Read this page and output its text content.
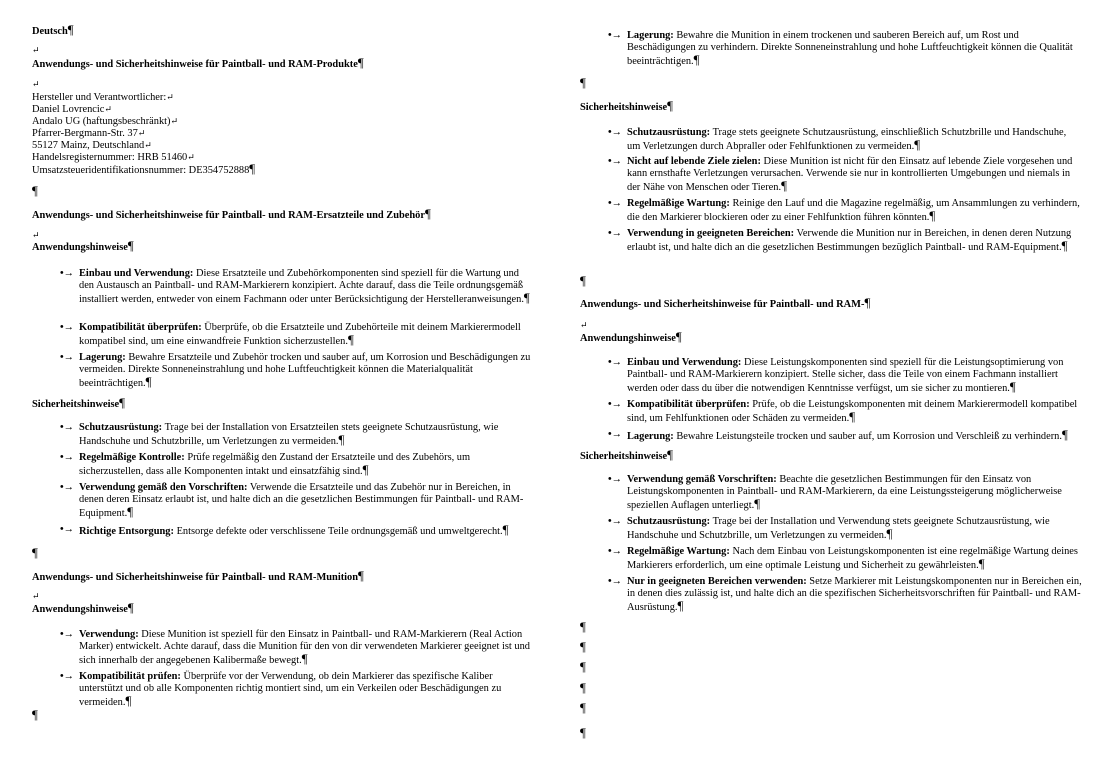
Deutsch¶
↵
Anwendungs- und Sicherheitshinweise für Paintball- und RAM-Produkte¶
↵
Hersteller und Verantwortlicher:↵
Daniel Lovrencic↵
Andalo UG (haftungsbeschränkt)↵
Pfarrer-Bergmann-Str. 37↵
55127 Mainz, Deutschland↵
Handelsregisternummer: HRB 51460↵
Umsatzsteueridentifikationsnummer: DE354752888¶
¶
Anwendungs- und Sicherheitshinweise für Paintball- und RAM-Ersatzteile und Zubehör¶
↵
Anwendungshinweise¶
•→ Einbau und Verwendung: Diese Ersatzteile und Zubehörkomponenten sind speziell für die Wartung und den Austausch an Paintball- und RAM-Markierern konzipiert. Achte darauf, dass die Teile ordnungsgemäß installiert werden, entweder von einem Fachmann oder unter Berücksichtigung der Herstelleranweisungen.¶
•→ Kompatibilität überprüfen: Überprüfe, ob die Ersatzteile und Zubehörteile mit deinem Markierermodell kompatibel sind, um eine einwandfreie Funktion sicherzustellen.¶
•→ Lagerung: Bewahre Ersatzteile und Zubehör trocken und sauber auf, um Korrosion und Beschädigungen zu vermeiden. Direkte Sonneneinstrahlung und hohe Luftfeuchtigkeit können die Materialqualität beeinträchtigen.¶
Sicherheitshinweise¶
•→ Schutzausrüstung: Trage bei der Installation von Ersatzteilen stets geeignete Schutzausrüstung, wie Handschuhe und Schutzbrille, um Verletzungen zu vermeiden.¶
•→ Regelmäßige Kontrolle: Prüfe regelmäßig den Zustand der Ersatzteile und des Zubehörs, um sicherzustellen, dass alle Komponenten intakt und einsatzfähig sind.¶
•→ Verwendung gemäß den Vorschriften: Verwende die Ersatzteile und das Zubehör nur in Bereichen, in denen deren Einsatz erlaubt ist, und halte dich an die gesetzlichen Bestimmungen für Paintball- und RAM-Equipment.¶
•→ Richtige Entsorgung: Entsorge defekte oder verschlissene Teile ordnungsgemäß und umweltgerecht.¶
¶
Anwendungs- und Sicherheitshinweise für Paintball- und RAM-Munition¶
↵
Anwendungshinweise¶
•→ Verwendung: Diese Munition ist speziell für den Einsatz in Paintball- und RAM-Markierern (Real Action Marker) entwickelt. Achte darauf, dass die Munition für den von dir verwendeten Markierer geeignet ist und sich innerhalb der angegebenen Kalibermaße bewegt.¶
•→ Kompatibilität prüfen: Überprüfe vor der Verwendung, ob dein Markierer das spezifische Kaliber unterstützt und ob alle Komponenten richtig montiert sind, um ein Verkeilen oder Beschädigungen zu vermeiden.¶
¶
•→ Lagerung: Bewahre die Munition in einem trockenen und sauberen Bereich auf, um Rost und Beschädigungen zu verhindern. Direkte Sonneneinstrahlung und hohe Luftfeuchtigkeit können die Qualität beeinträchtigen.¶
¶
Sicherheitshinweise¶
•→ Schutzausrüstung: Trage stets geeignete Schutzausrüstung, einschließlich Schutzbrille und Handschuhe, um Verletzungen durch Abpraller oder Fehlfunktionen zu vermeiden.¶
•→ Nicht auf lebende Ziele zielen: Diese Munition ist nicht für den Einsatz auf lebende Ziele vorgesehen und kann ernsthafte Verletzungen verursachen. Verwende sie nur in kontrollierten Umgebungen und niemals in der Nähe von Menschen oder Tieren.¶
•→ Regelmäßige Wartung: Reinige den Lauf und die Magazine regelmäßig, um Ansammlungen zu verhindern, die den Markierer blockieren oder zu einer Fehlfunktion führen könnten.¶
•→ Verwendung in geeigneten Bereichen: Verwende die Munition nur in Bereichen, in denen deren Nutzung erlaubt ist, und halte dich an die gesetzlichen Bestimmungen bezüglich Paintball- und RAM-Equipment.¶
¶
Anwendungs- und Sicherheitshinweise für Paintball- und RAM-¶
↵
Anwendungshinweise¶
•→ Einbau und Verwendung: Diese Leistungskomponenten sind speziell für die Leistungsoptimierung von Paintball- und RAM-Markierern konzipiert. Stelle sicher, dass die Teile von einem Fachmann installiert werden oder dass du über die notwendigen Kenntnisse verfügst, um sie sicher zu montieren.¶
•→ Kompatibilität überprüfen: Prüfe, ob die Leistungskomponenten mit deinem Markierermodell kompatibel sind, um Fehlfunktionen oder Schäden zu vermeiden.¶
•→ Lagerung: Bewahre Leistungsteile trocken und sauber auf, um Korrosion und Verschleiß zu verhindern.¶
Sicherheitshinweise¶
•→ Verwendung gemäß Vorschriften: Beachte die gesetzlichen Bestimmungen für den Einsatz von Leistungskomponenten in Paintball- und RAM-Markierern, da eine Leistungssteigerung möglicherweise speziellen Auflagen unterliegt.¶
•→ Schutzausrüstung: Trage bei der Installation und Verwendung stets geeignete Schutzausrüstung, wie Handschuhe und Schutzbrille, um Verletzungen zu vermeiden.¶
•→ Regelmäßige Wartung: Nach dem Einbau von Leistungskomponenten ist eine regelmäßige Wartung deines Markierers erforderlich, um eine optimale Leistung und Sicherheit zu gewährleisten.¶
•→ Nur in geeigneten Bereichen verwenden: Setze Markierer mit Leistungskomponenten nur in Bereichen ein, in denen dies zulässig ist, und halte dich an die spezifischen Sicherheitsvorschriften für Paintball- und RAM-Ausrüstung.¶
¶
¶
¶
¶
¶
¶
